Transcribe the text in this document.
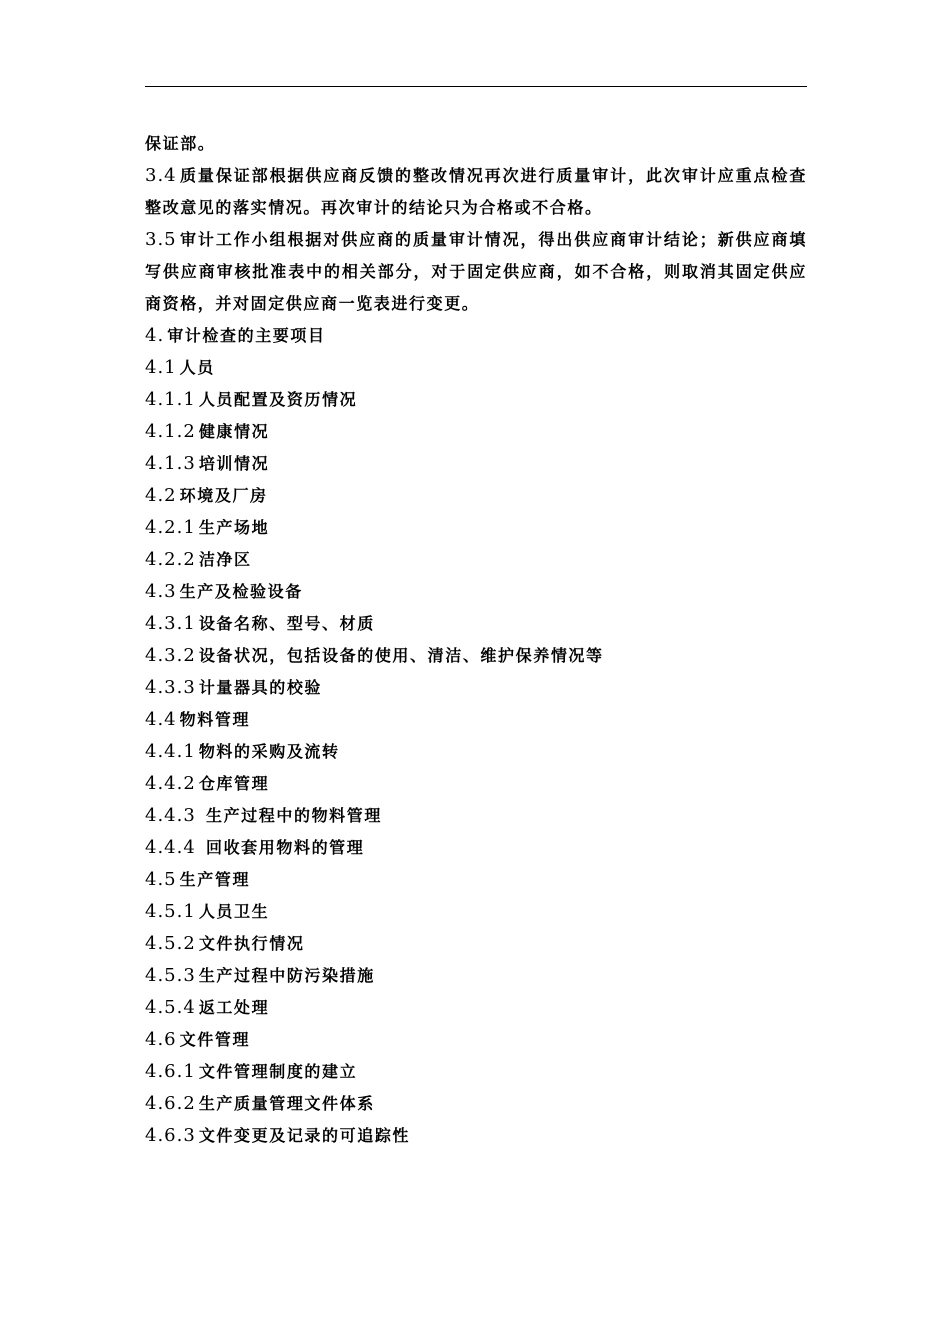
保证部。

3.4 质量保证部根据供应商反馈的整改情况再次进行质量审计，此次审计应重点检查整改意见的落实情况。再次审计的结论只为合格或不合格。

3.5 审计工作小组根据对供应商的质量审计情况，得出供应商审计结论；新供应商填写供应商审核批准表中的相关部分，对于固定供应商，如不合格，则取消其固定供应商资格，并对固定供应商一览表进行变更。

4. 审计检查的主要项目

4.1 人员

4.1.1 人员配置及资历情况

4.1.2 健康情况

4.1.3 培训情况

4.2 环境及厂房

4.2.1 生产场地

4.2.2 洁净区

4.3 生产及检验设备

4.3.1 设备名称、型号、材质

4.3.2 设备状况，包括设备的使用、清洁、维护保养情况等

4.3.3 计量器具的校验

4.4 物料管理

4.4.1 物料的采购及流转

4.4.2 仓库管理

4.4.3 生产过程中的物料管理

4.4.4 回收套用物料的管理

4.5 生产管理

4.5.1 人员卫生

4.5.2 文件执行情况

4.5.3 生产过程中防污染措施

4.5.4 返工处理

4.6 文件管理

4.6.1 文件管理制度的建立

4.6.2 生产质量管理文件体系

4.6.3 文件变更及记录的可追踪性
